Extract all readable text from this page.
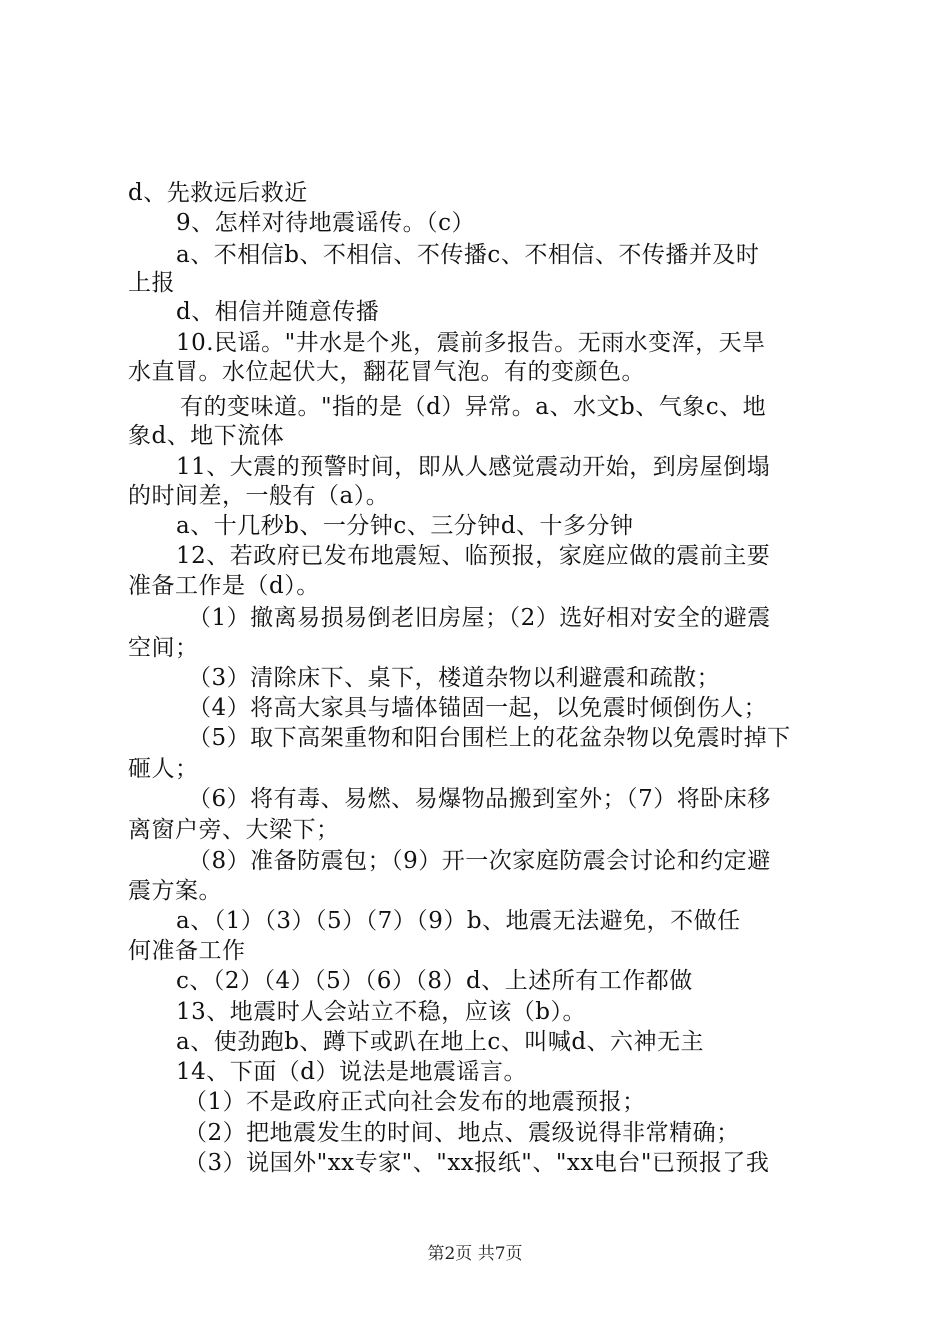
d、先救远后救近
9、怎样对待地震谣传。（c）
a、不相信b、不相信、不传播c、不相信、不传播并及时
上报
d、相信并随意传播
10.民谣。"井水是个兆，震前多报告。无雨水变浑，天旱
水直冒。水位起伏大，翻花冒气泡。有的变颜色。
有的变味道。"指的是（d）异常。a、水文b、气象c、地
象d、地下流体
11、大震的预警时间，即从人感觉震动开始，到房屋倒塌
的时间差，一般有（a）。
a、十几秒b、一分钟c、三分钟d、十多分钟
12、若政府已发布地震短、临预报，家庭应做的震前主要
准备工作是（d）。
（1）撤离易损易倒老旧房屋；（2）选好相对安全的避震
空间；
（3）清除床下、桌下，楼道杂物以利避震和疏散；
（4）将高大家具与墙体锚固一起，以免震时倾倒伤人；
（5）取下高架重物和阳台围栏上的花盆杂物以免震时掉下
砸人；
（6）将有毒、易燃、易爆物品搬到室外；（7）将卧床移
离窗户旁、大梁下；
（8）准备防震包；（9）开一次家庭防震会讨论和约定避
震方案。
a、（1）（3）（5）（7）（9）b、地震无法避免，不做任
何准备工作
c、（2）（4）（5）（6）（8）d、上述所有工作都做
13、地震时人会站立不稳，应该（b）。
a、使劲跑b、蹲下或趴在地上c、叫喊d、六神无主
14、下面（d）说法是地震谣言。
（1）不是政府正式向社会发布的地震预报；
（2）把地震发生的时间、地点、震级说得非常精确；
（3）说国外"xx专家"、"xx报纸"、"xx电台"已预报了我
第2页 共7页
